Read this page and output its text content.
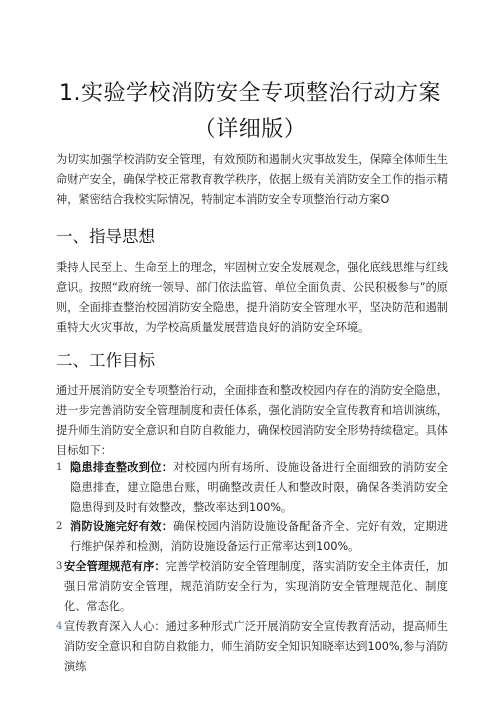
1.实验学校消防安全专项整治行动方案
（详细版）
为切实加强学校消防安全管理，有效预防和遏制火灾事故发生，保障全体师生生命财产安全，确保学校正常教育教学秩序，依据上级有关消防安全工作的指示精神，紧密结合我校实际情况，特制定本消防安全专项整治行动方案O
一、指导思想
秉持人民至上、生命至上的理念，牢固树立安全发展观念，强化底线思维与红线意识。按照“政府统一领导、部门依法监管、单位全面负责、公民积极参与”的原则，全面排查整治校园消防安全隐患，提升消防安全管理水平，坚决防范和遏制重特大火灾事故，为学校高质量发展营造良好的消防安全环境。
二、工作目标
通过开展消防安全专项整治行动，全面排查和整改校园内存在的消防安全隐患，进一步完善消防安全管理制度和责任体系，强化消防安全宣传教育和培训演练，提升师生消防安全意识和自防自救能力，确保校园消防安全形势持续稳定。具体目标如下：
1 隐患排查整改到位：对校园内所有场所、设施设备进行全面细致的消防安全隐患排查，建立隐患台账，明确整改责任人和整改时限，确保各类消防安全隐患得到及时有效整改，整改率达到100%。
2 消防设施完好有效：确保校园内消防设施设备配备齐全、完好有效，定期进行维护保养和检测，消防设施设备运行正常率达到100%。
3 安全管理规范有序：完善学校消防安全管理制度，落实消防安全主体责任，加强日常消防安全管理，规范消防安全行为，实现消防安全管理规范化、制度化、常态化。
4 宣传教育深入人心：通过多种形式广泛开展消防安全宣传教育活动，提高师生消防安全意识和自防自救能力，师生消防安全知识知晓率达到100%,参与消防演练
